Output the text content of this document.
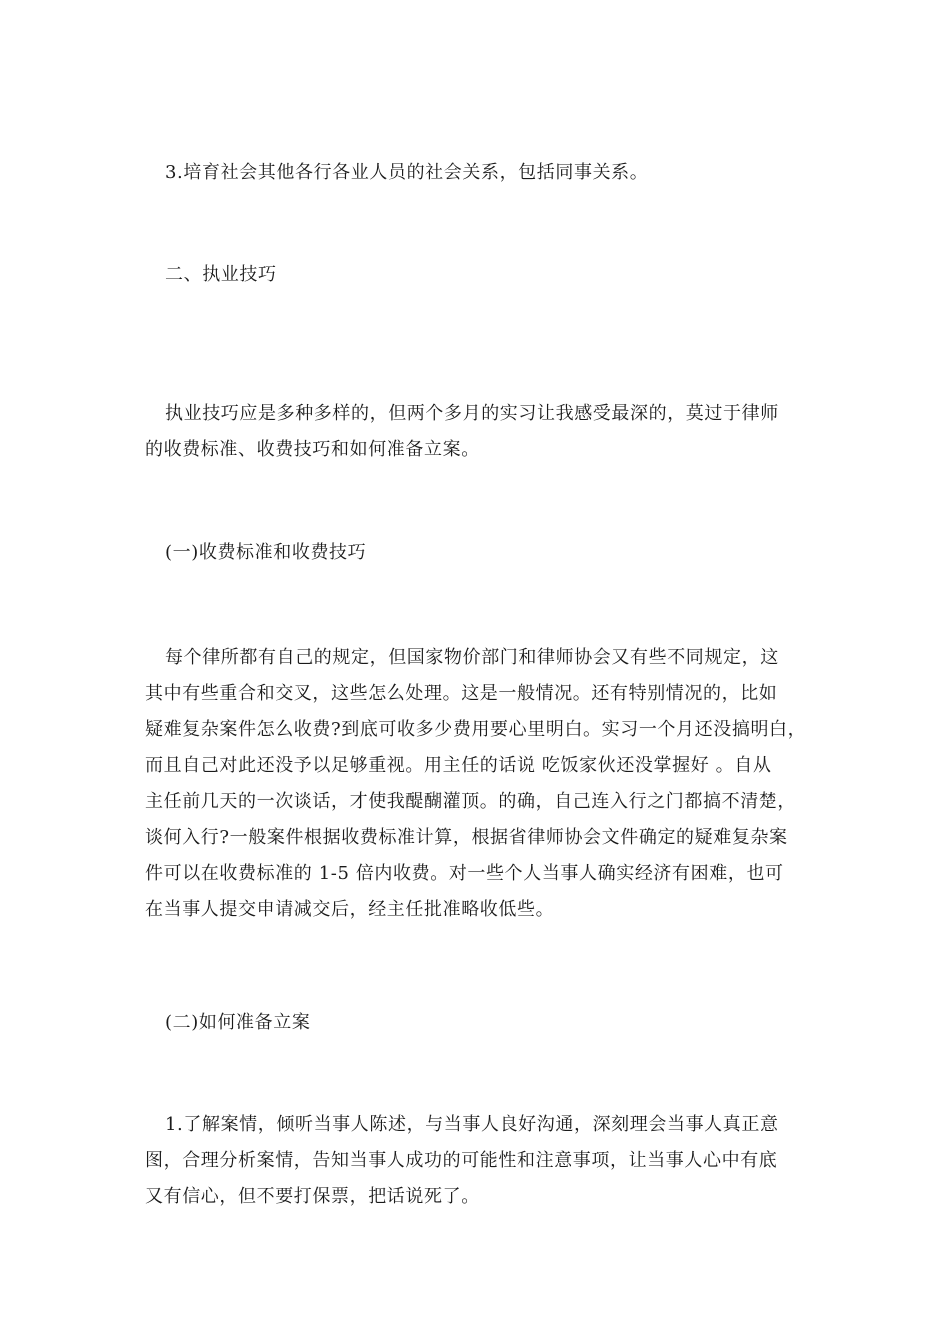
3.培育社会其他各行各业人员的社会关系，包括同事关系。
二、执业技巧
执业技巧应是多种多样的，但两个多月的实习让我感受最深的，莫过于律师
的收费标准、收费技巧和如何准备立案。
(一)收费标准和收费技巧
每个律所都有自己的规定，但国家物价部门和律师协会又有些不同规定，这
其中有些重合和交叉，这些怎么处理。这是一般情况。还有特别情况的，比如
疑难复杂案件怎么收费?到底可收多少费用要心里明白。实习一个月还没搞明白，
而且自己对此还没予以足够重视。用主任的话说 吃饭家伙还没掌握好 。自从
主任前几天的一次谈话，才使我醍醐灌顶。的确，自己连入行之门都搞不清楚，
谈何入行?一般案件根据收费标准计算，根据省律师协会文件确定的疑难复杂案
件可以在收费标准的 1-5 倍内收费。对一些个人当事人确实经济有困难，也可
在当事人提交申请减交后，经主任批准略收低些。
(二)如何准备立案
1.了解案情，倾听当事人陈述，与当事人良好沟通，深刻理会当事人真正意
图，合理分析案情，告知当事人成功的可能性和注意事项，让当事人心中有底
又有信心，但不要打保票，把话说死了。
